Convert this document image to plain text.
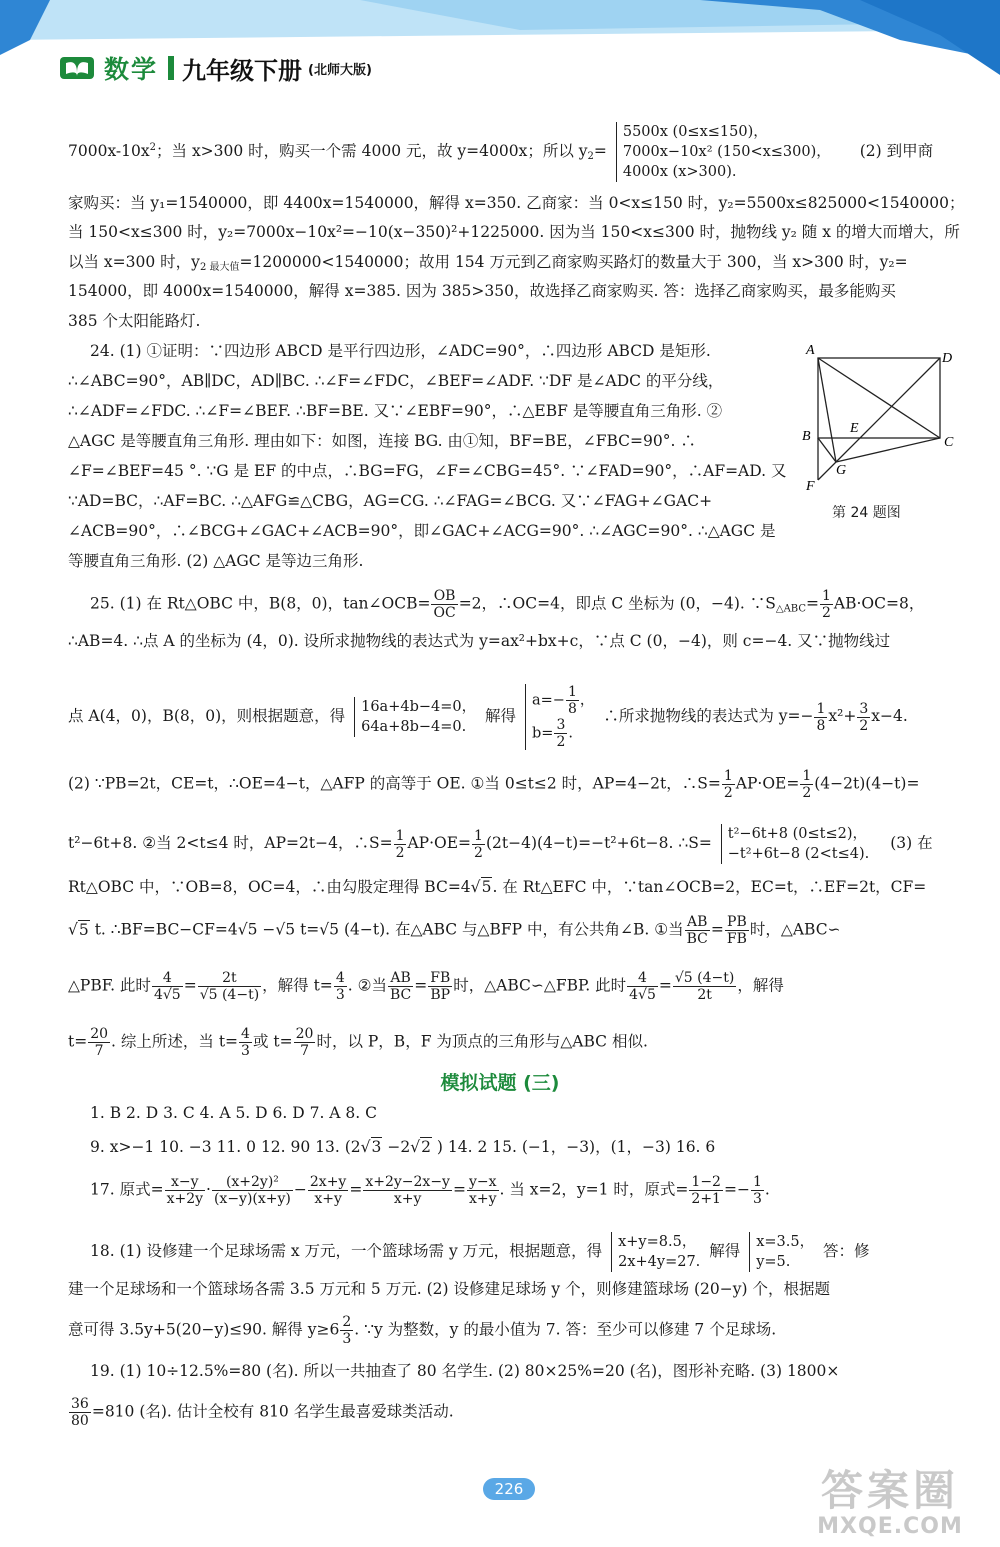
数学 九年级下册 (北师大版)
$7000x-10x^2$；当 x>300 时，购买一个需 4000 元，故 y=4000x；所以 $y_2=$
5500x (0≤x≤150)，
7000x−10x² (150<x≤300)，
4000x (x>300).
(2) 到甲商
家购买：当 y₁=1540000，即 4400x=1540000，解得 x=350. 乙商家：当 0<x≤150 时，y₂=5500x≤825000<1540000；
当 150<x≤300 时，y₂=7000x−10x²=−10(x−350)²+1225000. 因为当 150<x≤300 时，抛物线 y₂ 随 x 的增大而增大，所
以当 x=300 时，$y_{2 最大值}=1200000<1540000$；故用 154 万元到乙商家购买路灯的数量大于 300，当 x>300 时，y₂=
154000，即 4000x=1540000，解得 x=385. 因为 385>350，故选择乙商家购买. 答：选择乙商家购买，最多能购买
385 个太阳能路灯.
24. (1) ①证明：∵四边形 ABCD 是平行四边形，∠ADC=90°，∴四边形 ABCD 是矩形.
∴∠ABC=90°，AB∥DC，AD∥BC. ∴∠F=∠FDC，∠BEF=∠ADF. ∵DF 是∠ADC 的平分线，
∴∠ADF=∠FDC. ∴∠F=∠BEF. ∴BF=BE. 又∵∠EBF=90°，∴△EBF 是等腰直角三角形. ②
△AGC 是等腰直角三角形. 理由如下：如图，连接 BG. 由①知，BF=BE，∠FBC=90°. ∴
∠F=∠BEF=45 °. ∵G 是 EF 的中点，∴BG=FG，∠F=∠CBG=45°. ∵∠FAD=90°，∴AF=AD. 又
∵AD=BC，∴AF=BC. ∴△AFG≌△CBG，AG=CG. ∴∠FAG=∠BCG. 又∵∠FAG+∠GAC+
∠ACB=90°，∴∠BCG+∠GAC+∠ACB=90°，即∠GAC+∠ACG=90°. ∴∠AGC=90°. ∴△AGC 是
等腰直角三角形. (2) △AGC 是等边三角形.
25. (1) 在 Rt△OBC 中，B(8，0)，tan∠OCB= $\frac{OB}{OC} =2$，∴OC=4，即点 C 坐标为 (0，−4). $\because S_{\triangle ABC}= \frac{1}{2} AB\cdot OC=8$，
∴AB=4. ∴点 A 的坐标为 (4，0). 设所求抛物线的表达式为 y=ax²+bx+c，∵点 C (0，−4)，则 c=−4. 又∵抛物线过
点 A(4，0)，B(8，0)，则根据题意，得 16a+4b−4=0，
64a+8b−4=0.
解得
$a=- \frac{1}{8}$ ，
$b= \frac{3}{2}$ .
∴所求抛物线的表达式为 $y=- \frac{1}{8} x^2+ \frac{3}{2} x-4$.
(2) ∵PB=2t，CE=t，∴OE=4−t，△AFP 的高等于 OE. ①当 0≤t≤2 时，AP=4−2t，∴S= $\frac{1}{2} AP\cdot OE= \frac{1}{2} (4-2t)(4-t)=$
t²−6t+8. ②当 2<t≤4 时，AP=2t−4，∴S= $\frac{1}{2} AP\cdot OE= \frac{1}{2} (2t-4)(4-t)=-t^2+6t-8$. ∴S= t²−6t+8 (0≤t≤2)，
−t²+6t−8 (2<t≤4).
(3) 在
Rt△OBC 中，∵OB=8，OC=4，∴由勾股定理得 BC=4√5. 在 Rt△EFC 中，∵tan∠OCB=2，EC=t，∴EF=2t，CF=
√5 t. ∴BF=BC−CF=4√5 −√5 t=√5 (4−t). 在△ABC 与△BFP 中，有公共角∠B. ①当 $\frac{AB}{BC} = \frac{PB}{FB}$ 时，△ABC∽
△PBF. 此时 $\frac{4}{4√5} = \frac{2t}{√5 (4-t)}$ ，解得 $t= \frac{4}{3}$ . ②当 $\frac{AB}{BC} = \frac{FB}{BP}$ 时，△ABC∽△FBP. 此时 $\frac{4}{4√5} = \frac{√5 (4-t)}{2t}$ ，解得
$t= \frac{20}{7}$ . 综上所述，当 $t= \frac{4}{3}$ 或 $t= \frac{20}{7}$ 时，以 P，B，F 为顶点的三角形与△ABC 相似.
1. B 2. D 3. C 4. A 5. D 6. D 7. A 8. C
9. x>−1 10. −3 11. 0 12. 90 13. (2√3 −2√2 ) 14. 2 15. (−1，−3)，(1，−3) 16. 6
17. 原式= $\frac{x-y}{x+2y} \cdot \frac{\text{(x+2y)²}}{(x-y)(x+y)} - \frac{2x+y}{x+y} = \frac{x+2y-2x-y}{x+y} = \frac{y-x}{x+y}$ . 当 x=2，y=1 时，原式= $\frac{1-2}{2+1} =- \frac{1}{3}$ .
18. (1) 设修建一个足球场需 x 万元，一个篮球场需 y 万元，根据题意，得 x+y=8.5，
2x+4y=27.
解得 x=3.5，
y=5.
答：修
建一个足球场和一个篮球场各需 3.5 万元和 5 万元. (2) 设修建足球场 y 个，则修建篮球场 (20−y) 个，根据题
意可得 3.5y+5(20−y)≤90. 解得 $y\ge 6 \frac{2}{3}$ . ∵y 为整数，y 的最小值为 7. 答：至少可以修建 7 个足球场.
19. (1) 10÷12.5%=80 (名). 所以一共抽查了 80 名学生. (2) 80×25%=20 (名)，图形补充略. (3) 1800×
$\frac{36}{80} =810$ (名). 估计全校有 810 名学生最喜爱球类活动.
模拟试题 (三)
A
D
B
E
C
G
F
第 24 题图
226	答案圈
MXQE.COM
